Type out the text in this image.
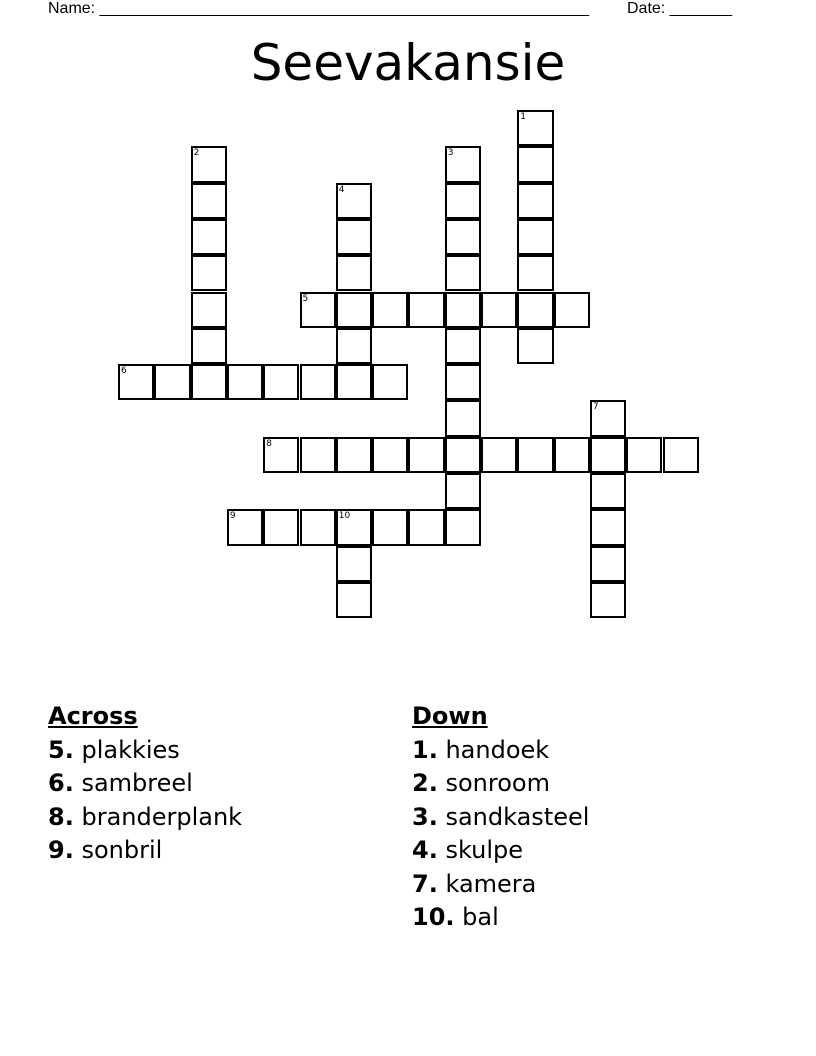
Name: _______________________________________________________ Date: _______
Seevakansie
1
2	3
4
5
6
7
8
9	10
Across
5. plakkies
6. sambreel
8. branderplank
9. sonbril
Down
1. handoek
2. sonroom
3. sandkasteel
4. skulpe
7. kamera
10. bal
